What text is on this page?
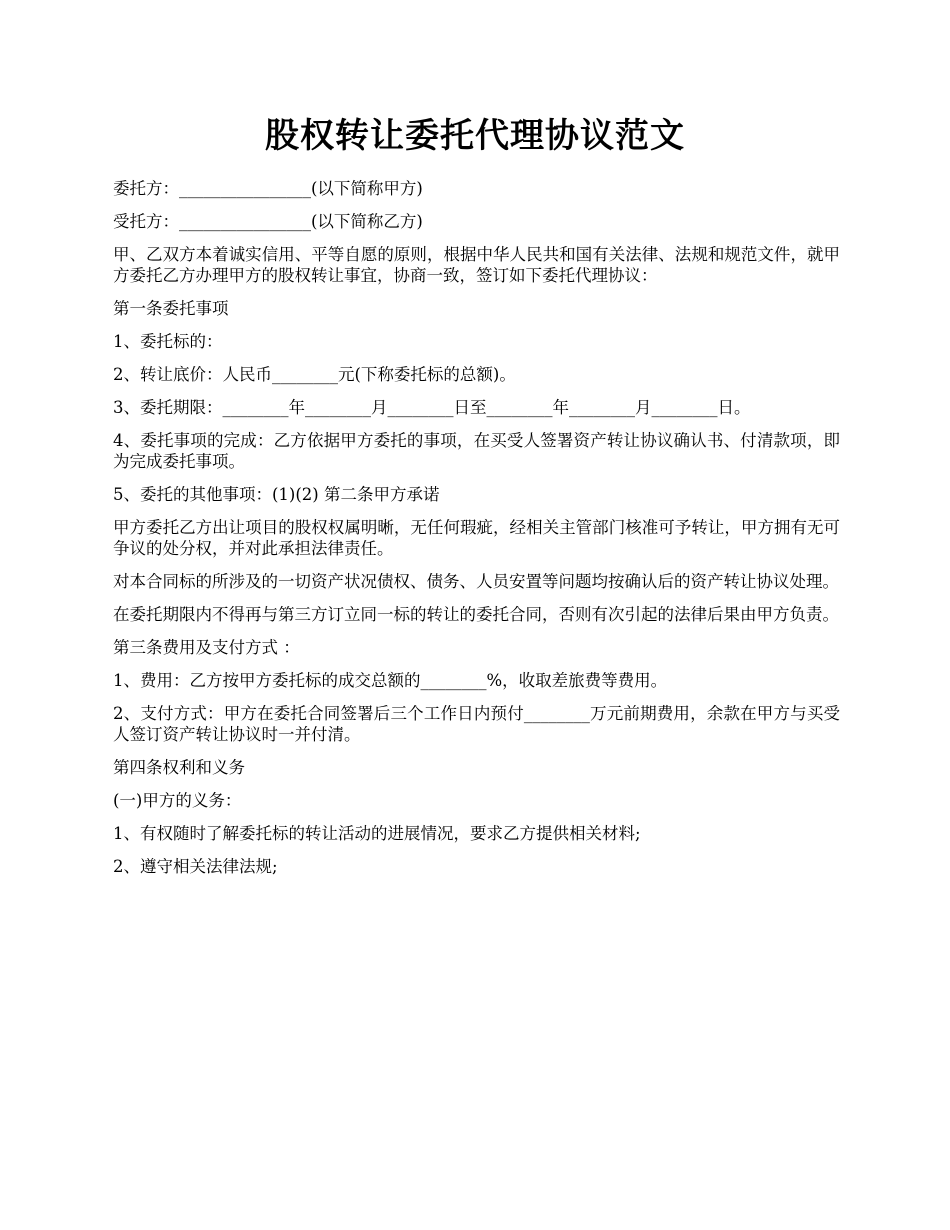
股权转让委托代理协议范文

委托方：________________(以下简称甲方)

受托方：________________(以下简称乙方)

甲、乙双方本着诚实信用、平等自愿的原则，根据中华人民共和国有关法律、法规和规范文件，就甲方委托乙方办理甲方的股权转让事宜，协商一致，签订如下委托代理协议：

第一条委托事项

1、委托标的：

2、转让底价：人民币________元(下称委托标的总额)。

3、委托期限：________年________月________日至________年________月________日。

4、委托事项的完成：乙方依据甲方委托的事项，在买受人签署资产转让协议确认书、付清款项，即为完成委托事项。

5、委托的其他事项：(1)(2) 第二条甲方承诺

甲方委托乙方出让项目的股权权属明晰，无任何瑕疵，经相关主管部门核准可予转让，甲方拥有无可争议的处分权，并对此承担法律责任。

对本合同标的所涉及的一切资产状况债权、债务、人员安置等问题均按确认后的资产转让协议处理。

在委托期限内不得再与第三方订立同一标的转让的委托合同，否则有次引起的法律后果由甲方负责。

第三条费用及支付方式 ：

1、费用：乙方按甲方委托标的成交总额的________%，收取差旅费等费用。

2、支付方式：甲方在委托合同签署后三个工作日内预付________万元前期费用，余款在甲方与买受人签订资产转让协议时一并付清。

第四条权利和义务

(一)甲方的义务：

1、有权随时了解委托标的转让活动的进展情况，要求乙方提供相关材料;

2、遵守相关法律法规;
